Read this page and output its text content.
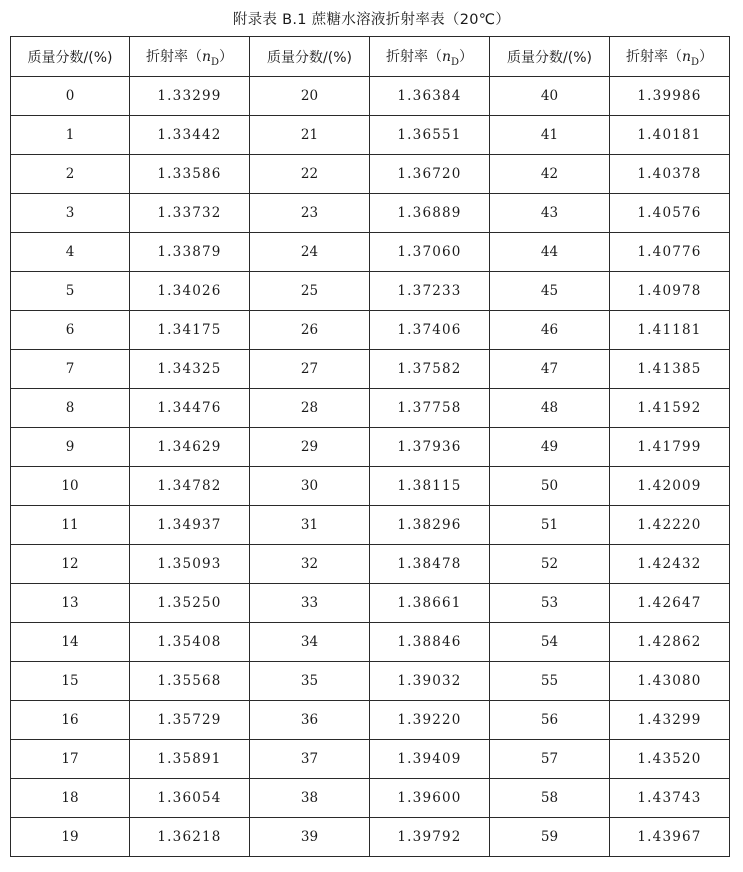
附录表 B.1 蔗糖水溶液折射率表（20℃）
质量分数/(%)	折射率$(n_D)$	质量分数/(%)	折射率$(n_D)$	质量分数/(%)	折射率$(n_D)$
0	1.33299	20	1.36384	40	1.39986
1	1.33442	21	1.36551	41	1.40181
2	1.33586	22	1.36720	42	1.40378
3	1.33732	23	1.36889	43	1.40576
4	1.33879	24	1.37060	44	1.40776
5	1.34026	25	1.37233	45	1.40978
6	1.34175	26	1.37406	46	1.41181
7	1.34325	27	1.37582	47	1.41385
8	1.34476	28	1.37758	48	1.41592
9	1.34629	29	1.37936	49	1.41799
10	1.34782	30	1.38115	50	1.42009
11	1.34937	31	1.38296	51	1.42220
12	1.35093	32	1.38478	52	1.42432
13	1.35250	33	1.38661	53	1.42647
14	1.35408	34	1.38846	54	1.42862
15	1.35568	35	1.39032	55	1.43080
16	1.35729	36	1.39220	56	1.43299
17	1.35891	37	1.39409	57	1.43520
18	1.36054	38	1.39600	58	1.43743
19	1.36218	39	1.39792	59	1.43967
